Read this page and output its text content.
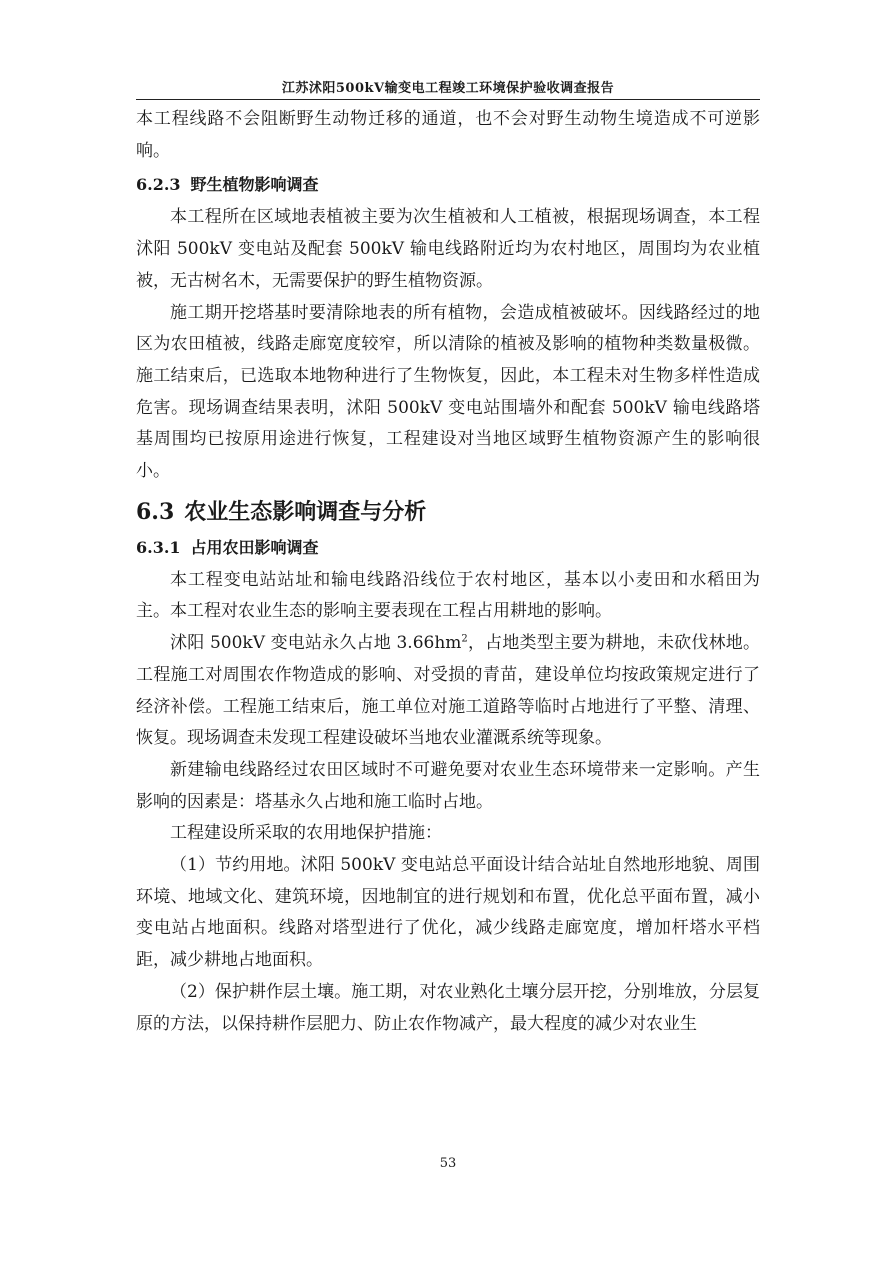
江苏沭阳500kV输变电工程竣工环境保护验收调查报告

本工程线路不会阻断野生动物迁移的通道，也不会对野生动物生境造成不可逆影响。

6.2.3 野生植物影响调查

本工程所在区域地表植被主要为次生植被和人工植被，根据现场调查，本工程沭阳 500kV 变电站及配套 500kV 输电线路附近均为农村地区，周围均为农业植被，无古树名木，无需要保护的野生植物资源。

施工期开挖塔基时要清除地表的所有植物，会造成植被破坏。因线路经过的地区为农田植被，线路走廊宽度较窄，所以清除的植被及影响的植物种类数量极微。施工结束后，已选取本地物种进行了生物恢复，因此，本工程未对生物多样性造成危害。现场调查结果表明，沭阳 500kV 变电站围墙外和配套 500kV 输电线路塔基周围均已按原用途进行恢复，工程建设对当地区域野生植物资源产生的影响很小。

6.3 农业生态影响调查与分析
6.3.1 占用农田影响调查

本工程变电站站址和输电线路沿线位于农村地区，基本以小麦田和水稻田为主。本工程对农业生态的影响主要表现在工程占用耕地的影响。

沭阳 500kV 变电站永久占地 $3.66hm^2$，占地类型主要为耕地，未砍伐林地。工程施工对周围农作物造成的影响、对受损的青苗，建设单位均按政策规定进行了经济补偿。工程施工结束后，施工单位对施工道路等临时占地进行了平整、清理、恢复。现场调查未发现工程建设破坏当地农业灌溉系统等现象。

新建输电线路经过农田区域时不可避免要对农业生态环境带来一定影响。产生影响的因素是：塔基永久占地和施工临时占地。

工程建设所采取的农用地保护措施：

（1）节约用地。沭阳 500kV 变电站总平面设计结合站址自然地形地貌、周围环境、地域文化、建筑环境，因地制宜的进行规划和布置，优化总平面布置，减小变电站占地面积。线路对塔型进行了优化，减少线路走廊宽度，增加杆塔水平档距，减少耕地占地面积。

（2）保护耕作层土壤。施工期，对农业熟化土壤分层开挖，分别堆放，分层复原的方法，以保持耕作层肥力、防止农作物减产，最大程度的减少对农业生

53
